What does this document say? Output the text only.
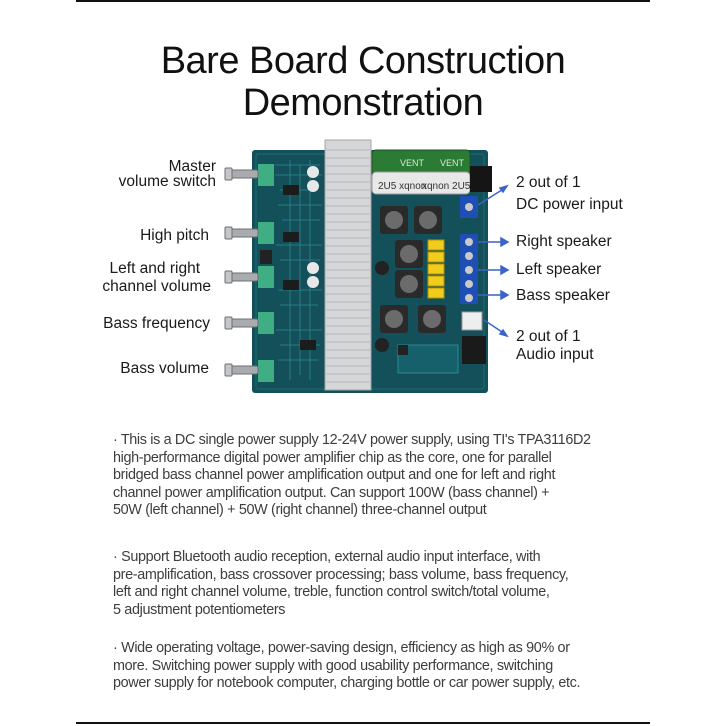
Bare Board Construction
Demonstration
2U5 xqnon
xqnon 2U5
VENT VENT
Master
volume switch
High pitch
Left and right
channel volume
Bass frequency
Bass volume
2 out of 1
DC power input
Right speaker
Left speaker
Bass speaker
2 out of 1
Audio input

· This is a DC single power supply 12-24V power supply, using TI's TPA3116D2

high-performance digital power amplifier chip as the core, one for parallel

bridged bass channel power amplification output and one for left and right

channel power amplification output. Can support 100W (bass channel) +

50W (left channel) + 50W (right channel) three-channel output

· Support Bluetooth audio reception, external audio input interface, with

pre-amplification, bass crossover processing; bass volume, bass frequency,

left and right channel volume, treble, function control switch/total volume,

5 adjustment potentiometers

· Wide operating voltage, power-saving design, efficiency as high as 90% or

more. Switching power supply with good usability performance, switching

power supply for notebook computer, charging bottle or car power supply, etc.
